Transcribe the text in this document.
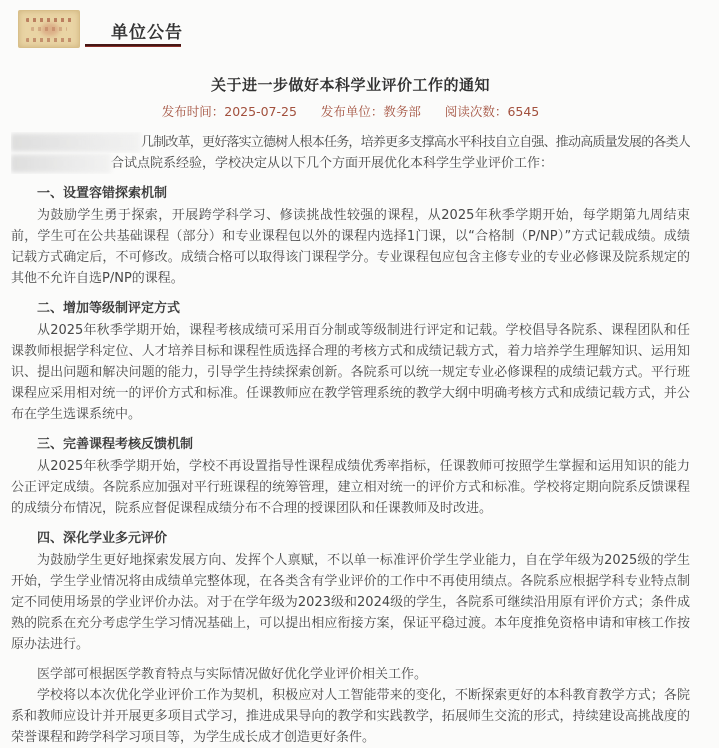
单位公告
关于进一步做好本科学业评价工作的通知
发布时间：2025-07-25 发布单位：教务部 阅读次数：6545
几制改革，更好落实立德树人根本任务，培养更多支撑高水平科技自立自强、推动高质量发展的各类人
合试点院系经验，学校决定从以下几个方面开展优化本科学生学业评价工作：
一、设置容错探索机制
为鼓励学生勇于探索，开展跨学科学习、修读挑战性较强的课程，从2025年秋季学期开始，每学期第九周结束前，学生可在公共基础课程（部分）和专业课程包以外的课程内选择1门课，以“合格制（P/NP）”方式记载成绩。成绩记载方式确定后，不可修改。成绩合格可以取得该门课程学分。专业课程包应包含主修专业的专业必修课及院系规定的其他不允许自选P/NP的课程。
二、增加等级制评定方式
从2025年秋季学期开始，课程考核成绩可采用百分制或等级制进行评定和记载。学校倡导各院系、课程团队和任课教师根据学科定位、人才培养目标和课程性质选择合理的考核方式和成绩记载方式，着力培养学生理解知识、运用知识、提出问题和解决问题的能力，引导学生持续探索创新。各院系可以统一规定专业必修课程的成绩记载方式。平行班课程应采用相对统一的评价方式和标准。任课教师应在教学管理系统的教学大纲中明确考核方式和成绩记载方式，并公布在学生选课系统中。
三、完善课程考核反馈机制
从2025年秋季学期开始，学校不再设置指导性课程成绩优秀率指标，任课教师可按照学生掌握和运用知识的能力公正评定成绩。各院系应加强对平行班课程的统筹管理，建立相对统一的评价方式和标准。学校将定期向院系反馈课程的成绩分布情况，院系应督促课程成绩分布不合理的授课团队和任课教师及时改进。
四、深化学业多元评价
为鼓励学生更好地探索发展方向、发挥个人禀赋，不以单一标准评价学生学业能力，自在学年级为2025级的学生开始，学生学业情况将由成绩单完整体现，在各类含有学业评价的工作中不再使用绩点。各院系应根据学科专业特点制定不同使用场景的学业评价办法。对于在学年级为2023级和2024级的学生，各院系可继续沿用原有评价方式；条件成熟的院系在充分考虑学生学习情况基础上，可以提出相应衔接方案，保证平稳过渡。本年度推免资格申请和审核工作按原办法进行。
医学部可根据医学教育特点与实际情况做好优化学业评价相关工作。
学校将以本次优化学业评价工作为契机，积极应对人工智能带来的变化，不断探索更好的本科教育教学方式；各院系和教师应设计并开展更多项目式学习，推进成果导向的教学和实践教学，拓展师生交流的形式，持续建设高挑战度的荣誉课程和跨学科学习项目等，为学生成长成才创造更好条件。
